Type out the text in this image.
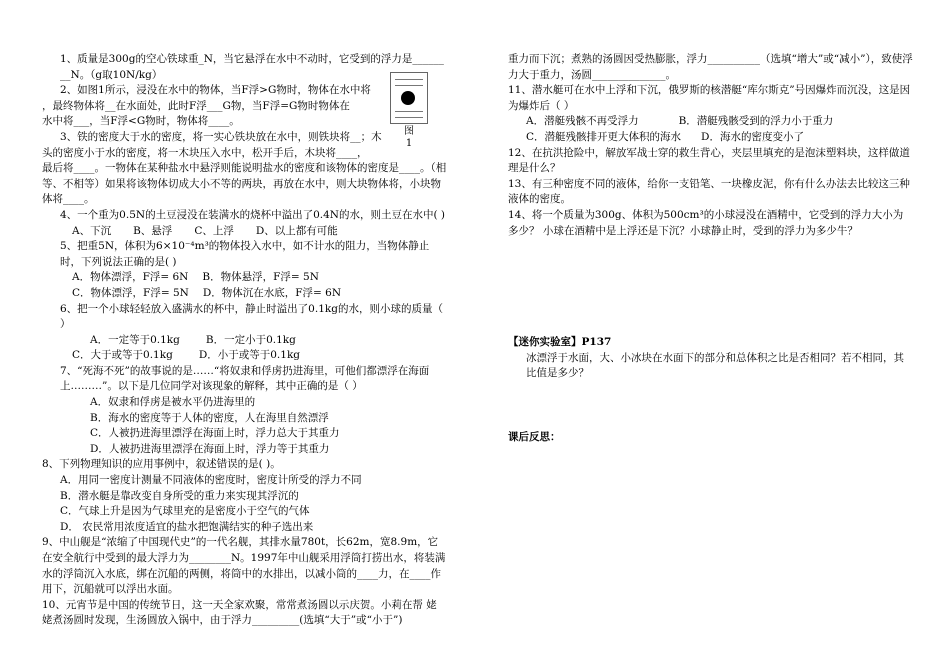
1、质量是300g的空心铁球重_N，当它悬浮在水中不动时，它受到的浮力是______ __N。（g取10N/kg）

2、如图1所示，浸没在水中的物体，当F浮>G物时，物体在水中将

，最终物体将__在水面处，此时F浮___G物，当F浮=G物时物体在

水中将___，当F浮<G物时，物体将____。

3、铁的密度大于水的密度，将一实心铁块放在水中，则铁块将__；木

头的密度小于水的密度，将一木块压入水中，松开手后，木块将____，

最后将____。一物体在某种盐水中悬浮则能说明盐水的密度和该物体的密度是____。（相等、不相等）如果将该物体切成大小不等的两块，再放在水中，则大块物体将，小块物体将____。

4、一个重为0.5N的土豆浸没在装满水的烧杯中溢出了0.4N的水，则土豆在水中( )

A、下沉 B、悬浮 C、上浮 D、以上都有可能

5、把重5N，体积为6×10⁻⁴m³的物体投入水中，如不计水的阻力，当物体静止时，下列说法正确的是( )

A．物体漂浮，F浮= 6N B．物体悬浮，F浮= 5N
C．物体漂浮，F浮= 5N D．物体沉在水底，F浮= 6N

6、把一个小球轻轻放入盛满水的杯中，静止时溢出了0.1kg的水，则小球的质量（ ）

A．一定等于0.1kg B．一定小于0.1kg
C．大于或等于0.1kg D．小于或等于0.1kg

7、“死海不死”的故事说的是……“将奴隶和俘虏扔进海里，可他们都漂浮在海面上………”。以下是几位同学对该现象的解释，其中正确的是（ ）

A．奴隶和俘虏是被水平仍进海里的

B．海水的密度等于人体的密度，人在海里自然漂浮

C．人被扔进海里漂浮在海面上时，浮力总大于其重力

D．人被扔进海里漂浮在海面上时，浮力等于其重力

8、下列物理知识的应用事例中，叙述错误的是( )。

A．用同一密度计测量不同液体的密度时，密度计所受的浮力不同

B．潜水艇是靠改变自身所受的重力来实现其浮沉的

C．气球上升是因为气球里充的是密度小于空气的气体

D． 农民常用浓度适宜的盐水把饱满结实的种子选出来

9、中山舰是“浓缩了中国现代史”的一代名舰，其排水量780t，长62m，宽8.9m，它在安全航行中受到的最大浮力为________N。1997年中山舰采用浮筒打捞出水，将装满水的浮筒沉入水底，绑在沉船的两侧，将筒中的水排出，以减小筒的____力，在____作用下，沉船就可以浮出水面。

10、元宵节是中国的传统节日，这一天全家欢聚，常常煮汤圆以示庆贺。小莉在帮 姥姥煮汤圆时发现，生汤圆放入锅中，由于浮力_________(选填“大于”或“小于”)

图 1

重力而下沉；煮熟的汤圆因受热膨胀，浮力__________（选填“增大”或“减小”），致使浮力大于重力，汤圆______________。

11、潜水艇可在水中上浮和下沉，俄罗斯的核潜艇“库尔斯克”号因爆炸而沉没，这是因为爆炸后（ ）

A．潜艇残骸不再受浮力	B．潜艇残骸受到的浮力小于重力
C．潜艇残骸排开更大体积的海水 D．海水的密度变小了

12、在抗洪抢险中，解放军战士穿的救生背心，夹层里填充的是泡沫塑料块，这样做道理是什么？

13、有三种密度不同的液体，给你一支铅笔、一块橡皮泥，你有什么办法去比较这三种液体的密度。

14、将一个质量为300g、体积为500cm³的小球浸没在酒精中，它受到的浮力大小为多少？ 小球在酒精中是上浮还是下沉？小球静止时，受到的浮力为多少牛？

【迷你实验室】P137

冰漂浮于水面，大、小冰块在水面下的部分和总体积之比是否相同？若不相同，其比值是多少？

课后反思：
